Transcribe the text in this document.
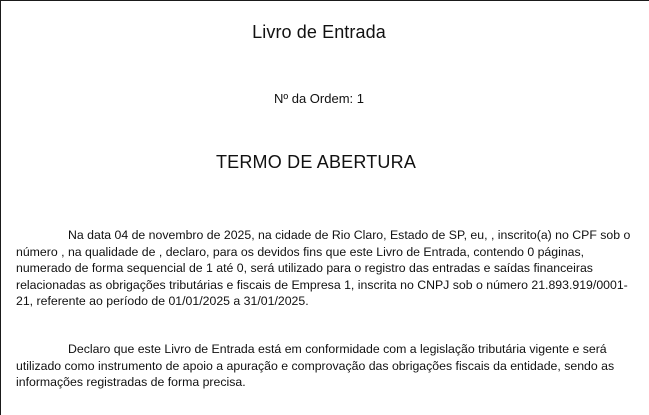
Livro de Entrada
Nº da Ordem: 1
TERMO DE ABERTURA

Na data 04 de novembro de 2025, na cidade de Rio Claro, Estado de SP, eu, , inscrito(a) no CPF sob o número , na qualidade de , declaro, para os devidos fins que este Livro de Entrada, contendo 0 páginas, numerado de forma sequencial de 1 até 0, será utilizado para o registro das entradas e saídas financeiras relacionadas as obrigações tributárias e fiscais de Empresa 1, inscrita no CNPJ sob o número 21.893.919/0001-21, referente ao período de 01/01/2025 a 31/01/2025.

Declaro que este Livro de Entrada está em conformidade com a legislação tributária vigente e será utilizado como instrumento de apoio a apuração e comprovação das obrigações fiscais da entidade, sendo as informações registradas de forma precisa.
